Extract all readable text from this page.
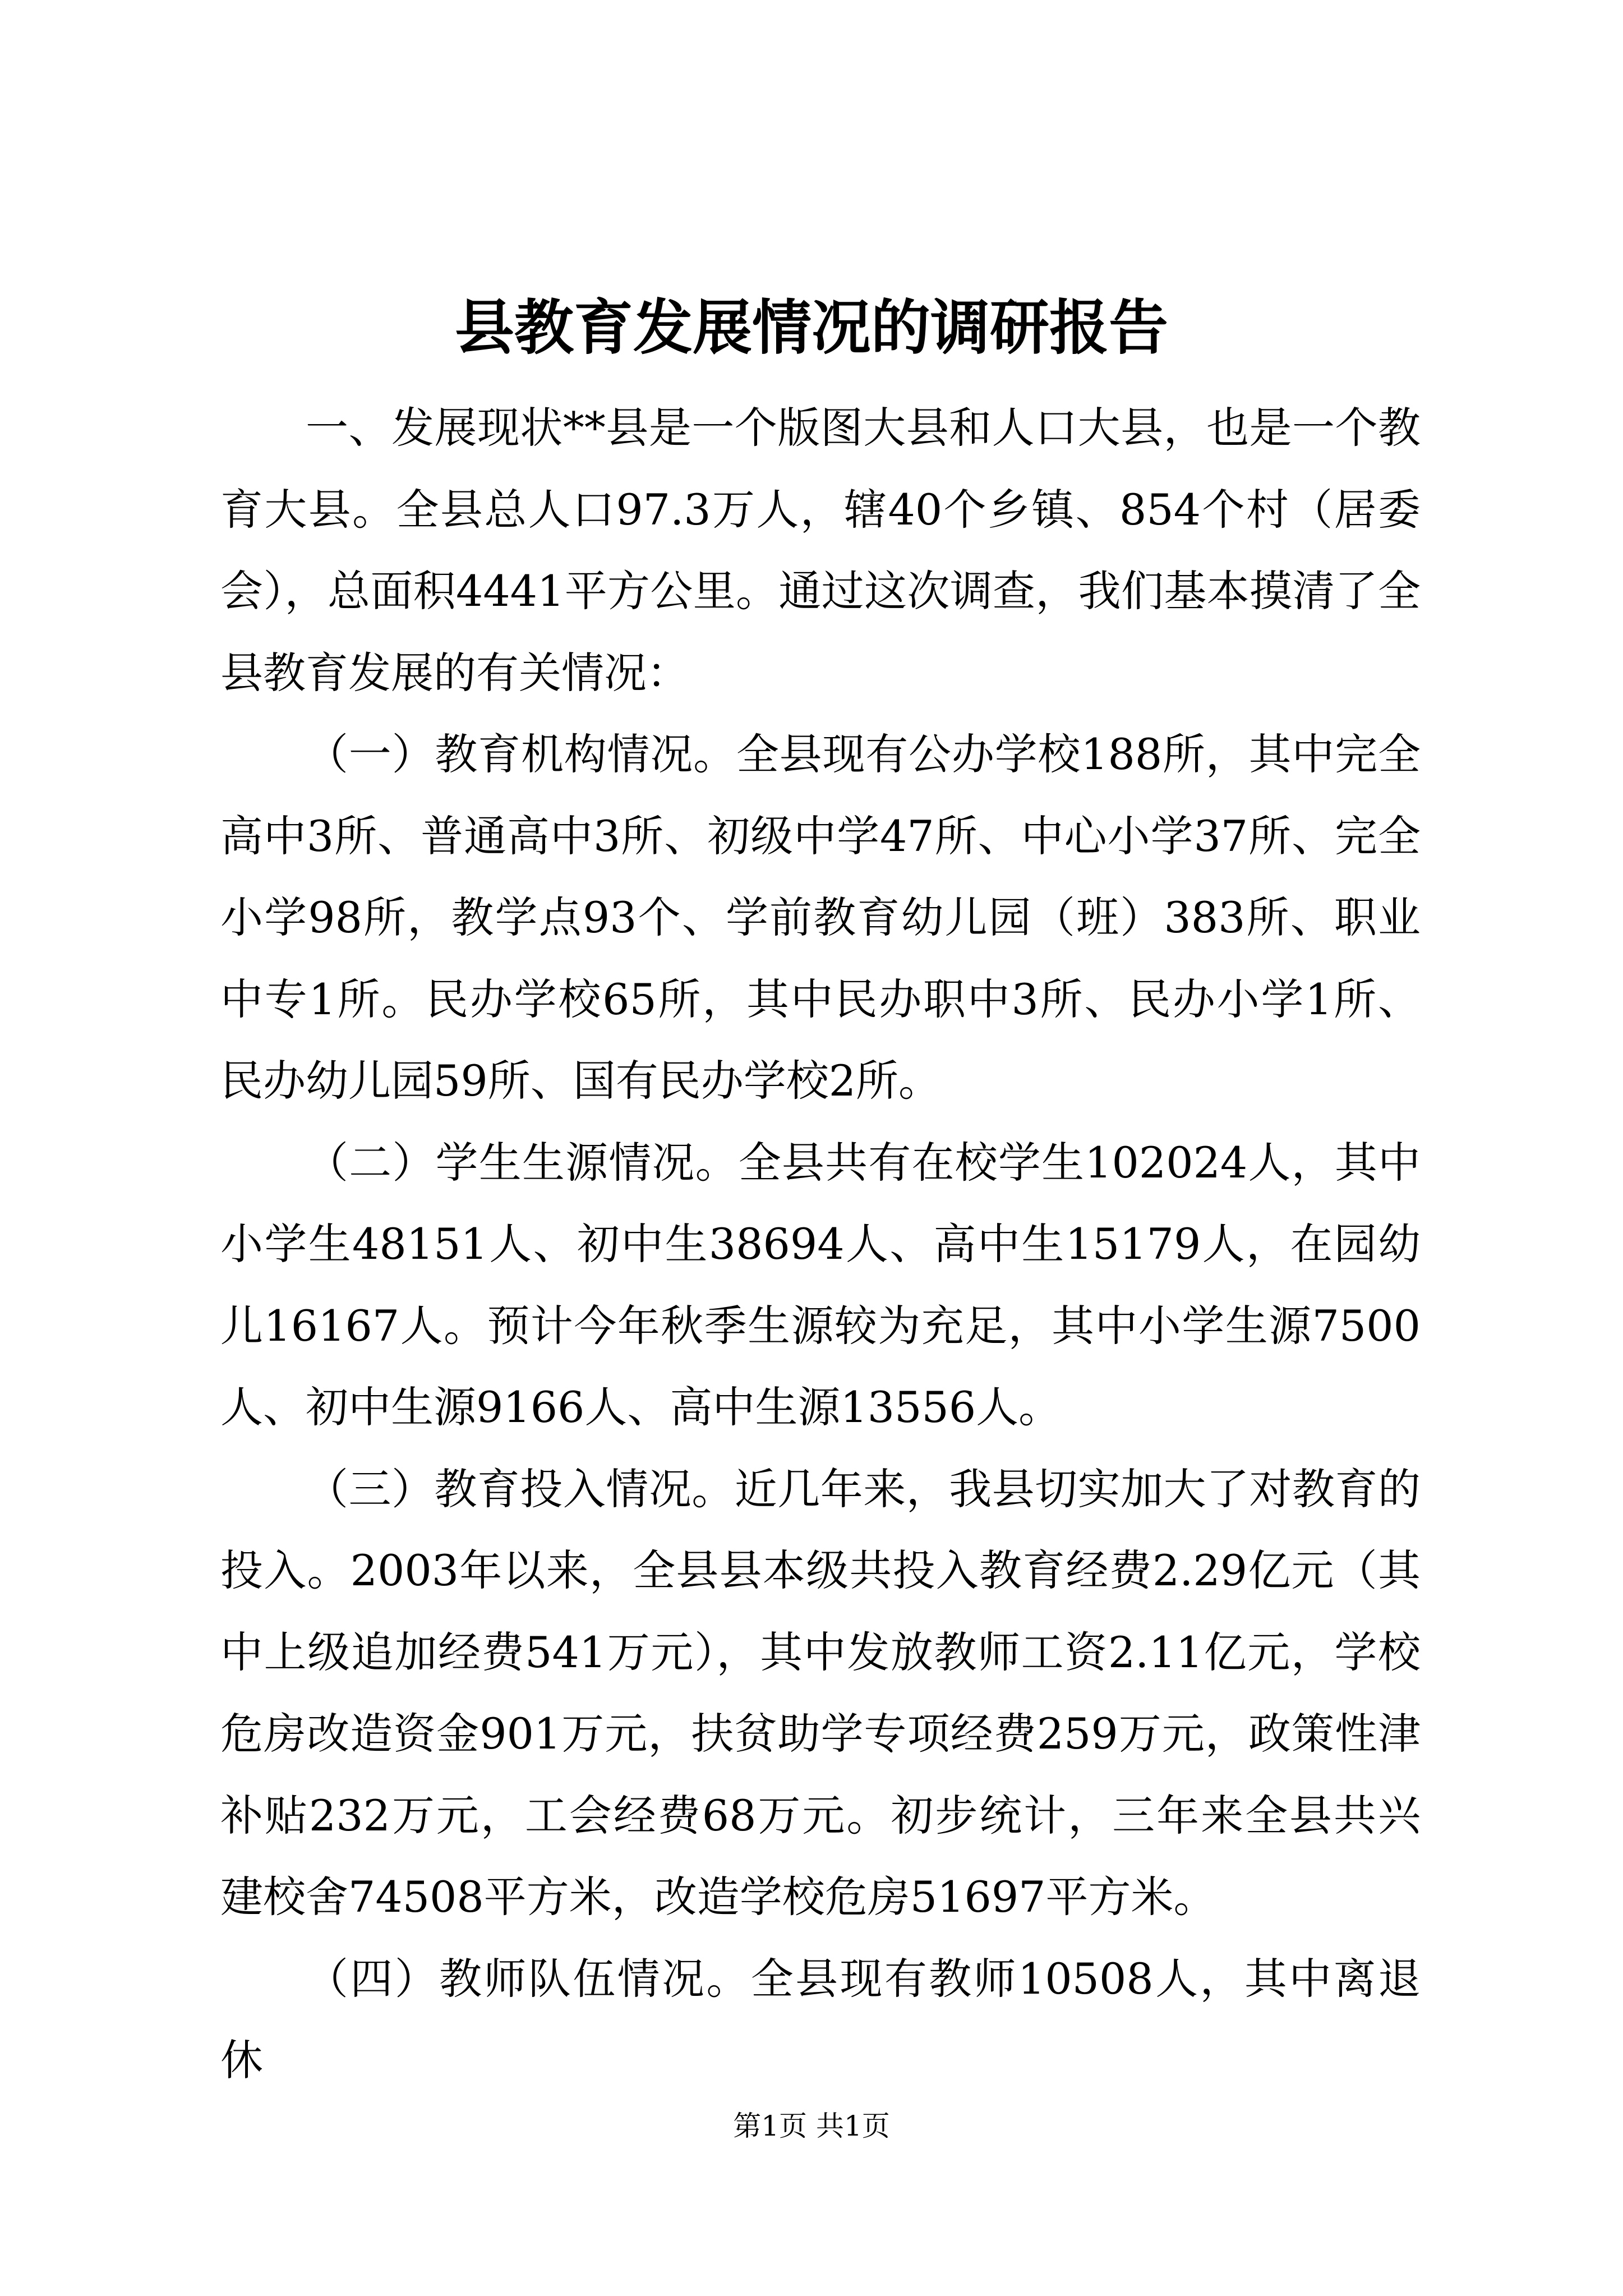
县教育发展情况的调研报告

一、发展现状**县是一个版图大县和人口大县，也是一个教育大县。全县总人口97.3万人，辖40个乡镇、854个村（居委会），总面积4441平方公里。通过这次调查，我们基本摸清了全县教育发展的有关情况：

（一）教育机构情况。全县现有公办学校188所，其中完全高中3所、普通高中3所、初级中学47所、中心小学37所、完全小学98所，教学点93个、学前教育幼儿园（班）383所、职业中专1所。民办学校65所，其中民办职中3所、民办小学1所、民办幼儿园59所、国有民办学校2所。

（二）学生生源情况。全县共有在校学生102024人，其中小学生48151人、初中生38694人、高中生15179人，在园幼儿16167人。预计今年秋季生源较为充足，其中小学生源7500人、初中生源9166人、高中生源13556人。

（三）教育投入情况。近几年来，我县切实加大了对教育的投入。2003年以来，全县县本级共投入教育经费2.29亿元（其中上级追加经费541万元），其中发放教师工资2.11亿元，学校危房改造资金901万元，扶贫助学专项经费259万元，政策性津补贴232万元，工会经费68万元。初步统计，三年来全县共兴建校舍74508平方米，改造学校危房51697平方米。

（四）教师队伍情况。全县现有教师10508人，其中离退休

第1页 共1页
